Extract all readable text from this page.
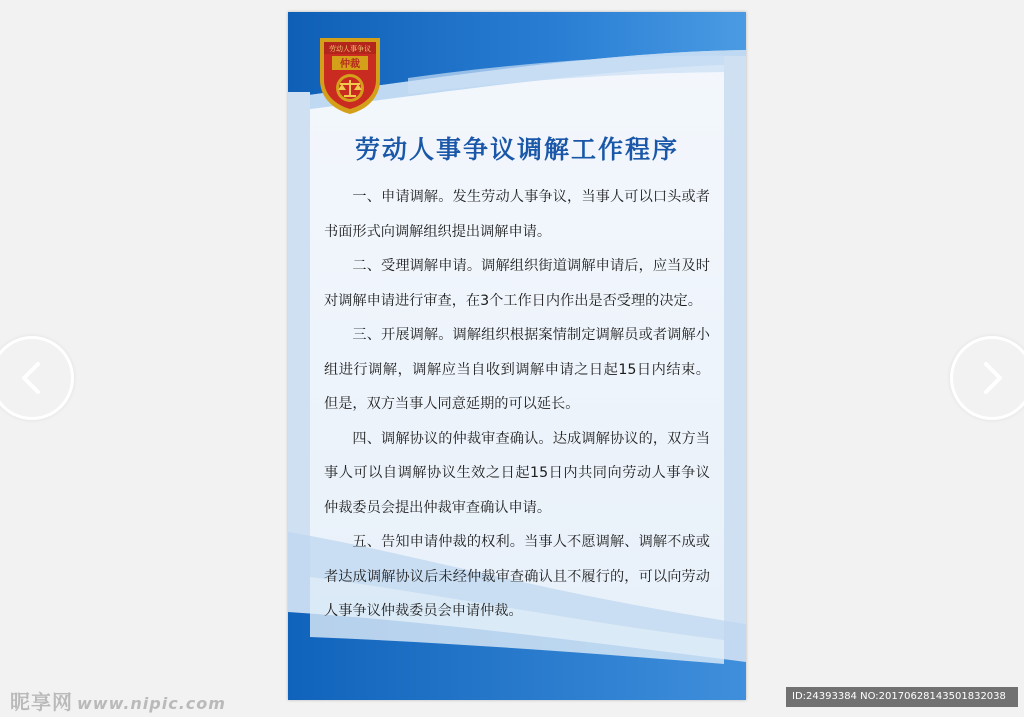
劳动人事争议
仲裁
劳动人事争议调解工作程序

一、申请调解。发生劳动人事争议，当事人可以口头或者书面形式向调解组织提出调解申请。

二、受理调解申请。调解组织街道调解申请后，应当及时对调解申请进行审查，在3个工作日内作出是否受理的决定。

三、开展调解。调解组织根据案情制定调解员或者调解小组进行调解，调解应当自收到调解申请之日起15日内结束。但是，双方当事人同意延期的可以延长。

四、调解协议的仲裁审查确认。达成调解协议的，双方当事人可以自调解协议生效之日起15日内共同向劳动人事争议仲裁委员会提出仲裁审查确认申请。

五、告知申请仲裁的权利。当事人不愿调解、调解不成或者达成调解协议后未经仲裁审查确认且不履行的，可以向劳动人事争议仲裁委员会申请仲裁。

昵享网 www.nipic.com	ID:24393384 NO:20170628143501832038
